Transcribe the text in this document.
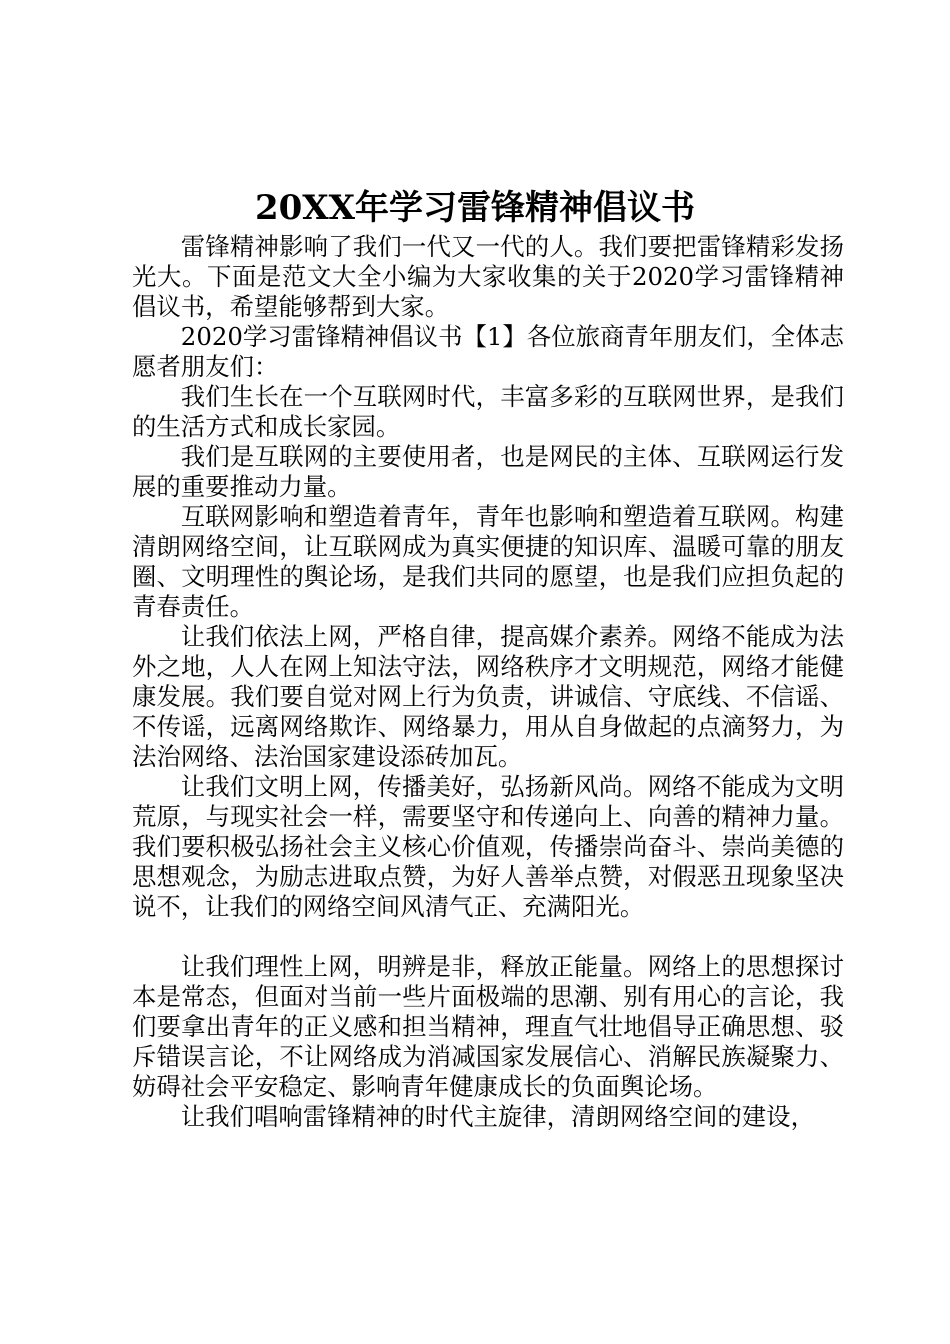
20XX年学习雷锋精神倡议书

雷锋精神影响了我们一代又一代的人。我们要把雷锋精彩发扬光大。下面是范文大全小编为大家收集的关于2020学习雷锋精神倡议书，希望能够帮到大家。

2020学习雷锋精神倡议书【1】各位旅商青年朋友们，全体志愿者朋友们：

我们生长在一个互联网时代，丰富多彩的互联网世界，是我们的生活方式和成长家园。

我们是互联网的主要使用者，也是网民的主体、互联网运行发展的重要推动力量。

互联网影响和塑造着青年，青年也影响和塑造着互联网。构建清朗网络空间，让互联网成为真实便捷的知识库、温暖可靠的朋友圈、文明理性的舆论场，是我们共同的愿望，也是我们应担负起的青春责任。

让我们依法上网，严格自律，提高媒介素养。网络不能成为法外之地，人人在网上知法守法，网络秩序才文明规范，网络才能健康发展。我们要自觉对网上行为负责，讲诚信、守底线、不信谣、不传谣，远离网络欺诈、网络暴力，用从自身做起的点滴努力，为法治网络、法治国家建设添砖加瓦。

让我们文明上网，传播美好，弘扬新风尚。网络不能成为文明荒原，与现实社会一样，需要坚守和传递向上、向善的精神力量。我们要积极弘扬社会主义核心价值观，传播崇尚奋斗、崇尚美德的思想观念，为励志进取点赞，为好人善举点赞，对假恶丑现象坚决说不，让我们的网络空间风清气正、充满阳光。

让我们理性上网，明辨是非，释放正能量。网络上的思想探讨本是常态，但面对当前一些片面极端的思潮、别有用心的言论，我们要拿出青年的正义感和担当精神，理直气壮地倡导正确思想、驳斥错误言论，不让网络成为消减国家发展信心、消解民族凝聚力、妨碍社会平安稳定、影响青年健康成长的负面舆论场。

让我们唱响雷锋精神的时代主旋律，清朗网络空间的建设，
